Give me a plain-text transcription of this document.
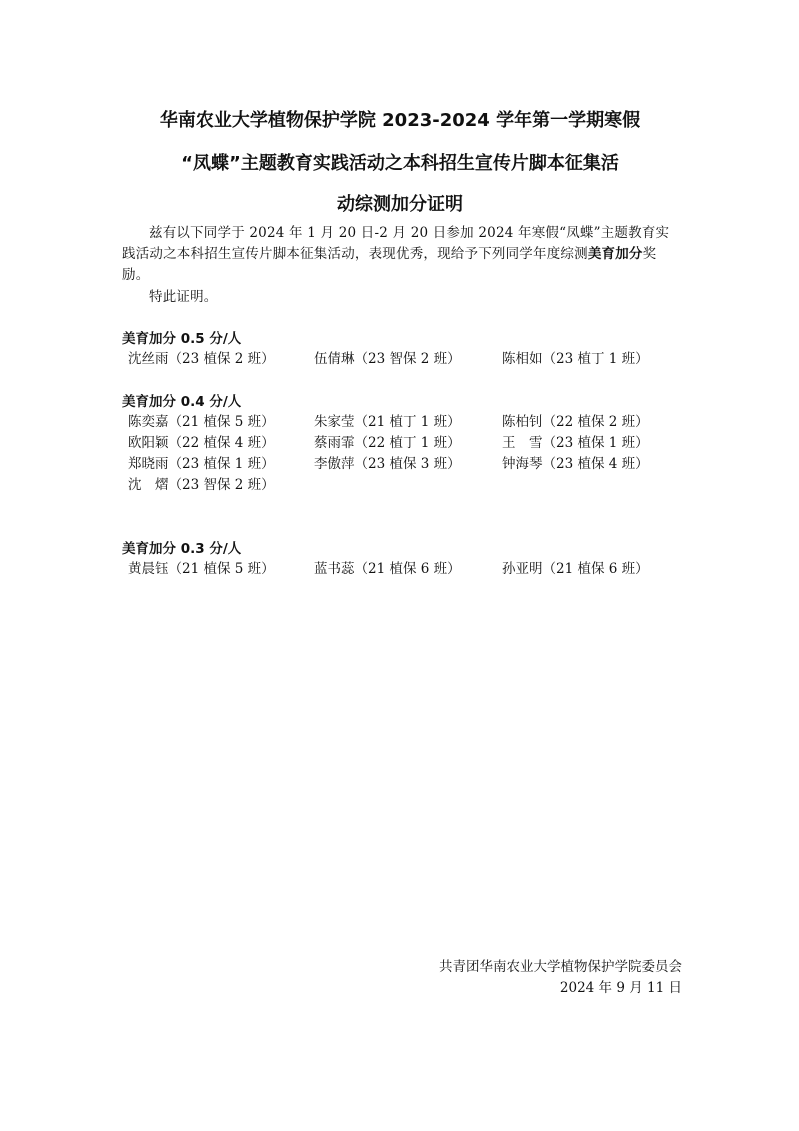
华南农业大学植物保护学院 2023-2024 学年第一学期寒假
“凤蝶”主题教育实践活动之本科招生宣传片脚本征集活
动综测加分证明
兹有以下同学于 2024 年 1 月 20 日-2 月 20 日参加 2024 年寒假“凤蝶”主题教育实践活动之本科招生宣传片脚本征集活动，表现优秀，现给予下列同学年度综测美育加分奖励。
特此证明。
美育加分 0.5 分/人
沈丝雨（23 植保 2 班）	伍倩琳（23 智保 2 班）	陈相如（23 植丁 1 班）
美育加分 0.4 分/人
陈奕嘉（21 植保 5 班）	朱家莹（21 植丁 1 班）	陈柏钊（22 植保 2 班）
欧阳颖（22 植保 4 班）	蔡雨霏（22 植丁 1 班）	王　雪（23 植保 1 班）
郑晓雨（23 植保 1 班）	李傲萍（23 植保 3 班）	钟海琴（23 植保 4 班）
沈　熠（23 智保 2 班）
美育加分 0.3 分/人
黄晨钰（21 植保 5 班）	蓝书蕊（21 植保 6 班）	孙亚明（21 植保 6 班）
共青团华南农业大学植物保护学院委员会
2024 年 9 月 11 日
